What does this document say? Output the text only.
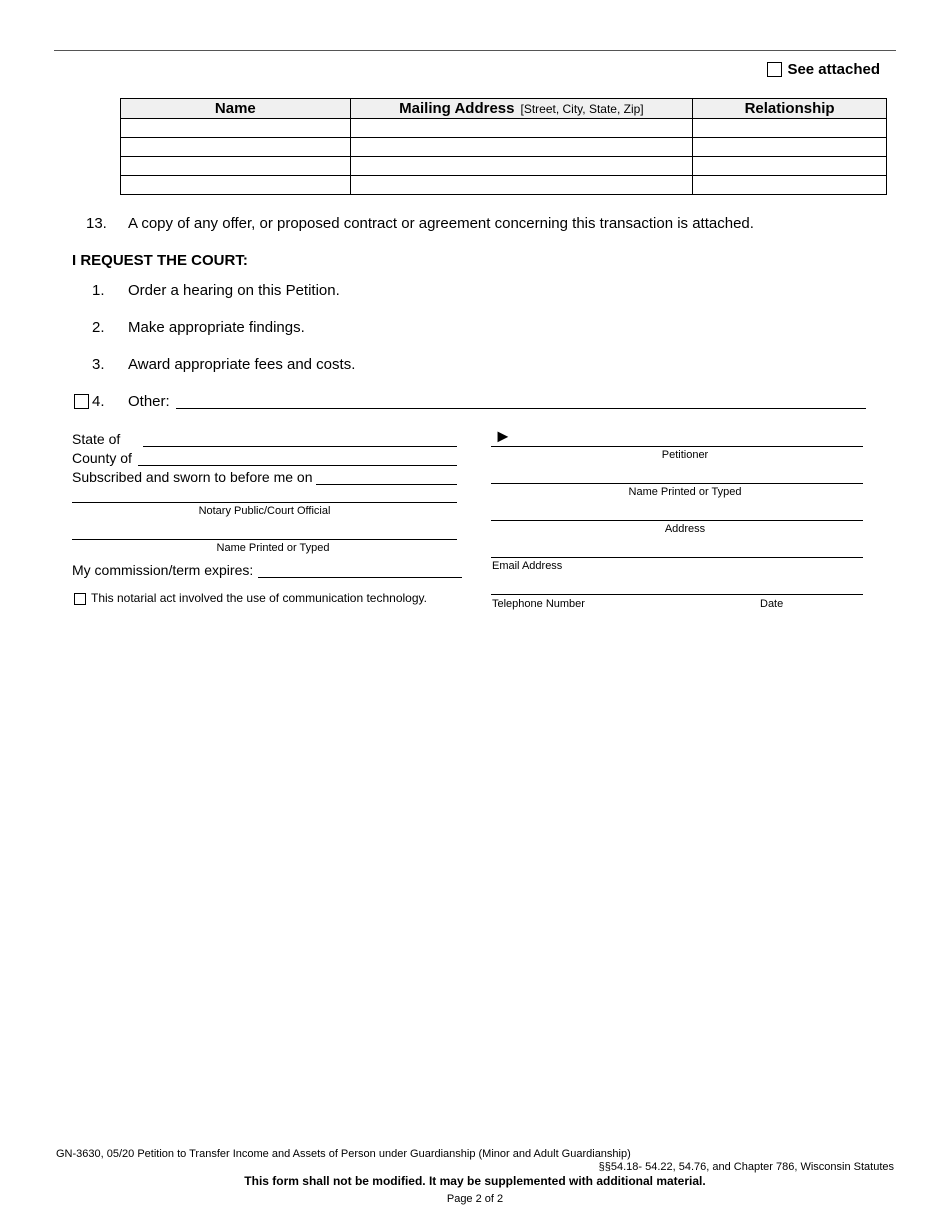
See attached
Name	Mailing Address [Street, City, State, Zip]	Relationship

13. A copy of any offer, or proposed contract or agreement concerning this transaction is attached.
I REQUEST THE COURT:
1. Order a hearing on this Petition.
2. Make appropriate findings.
3. Award appropriate fees and costs.
4. Other:
State of
County of
Subscribed and sworn to before me on
Notary Public/Court Official
Name Printed or Typed
My commission/term expires:
This notarial act involved the use of communication technology.
►
Petitioner
Name Printed or Typed
Address
Email Address
Telephone Number	Date
GN-3630, 05/20 Petition to Transfer Income and Assets of Person under Guardianship (Minor and Adult Guardianship)
§§54.18- 54.22, 54.76, and Chapter 786, Wisconsin Statutes
This form shall not be modified. It may be supplemented with additional material.
Page 2 of 2
